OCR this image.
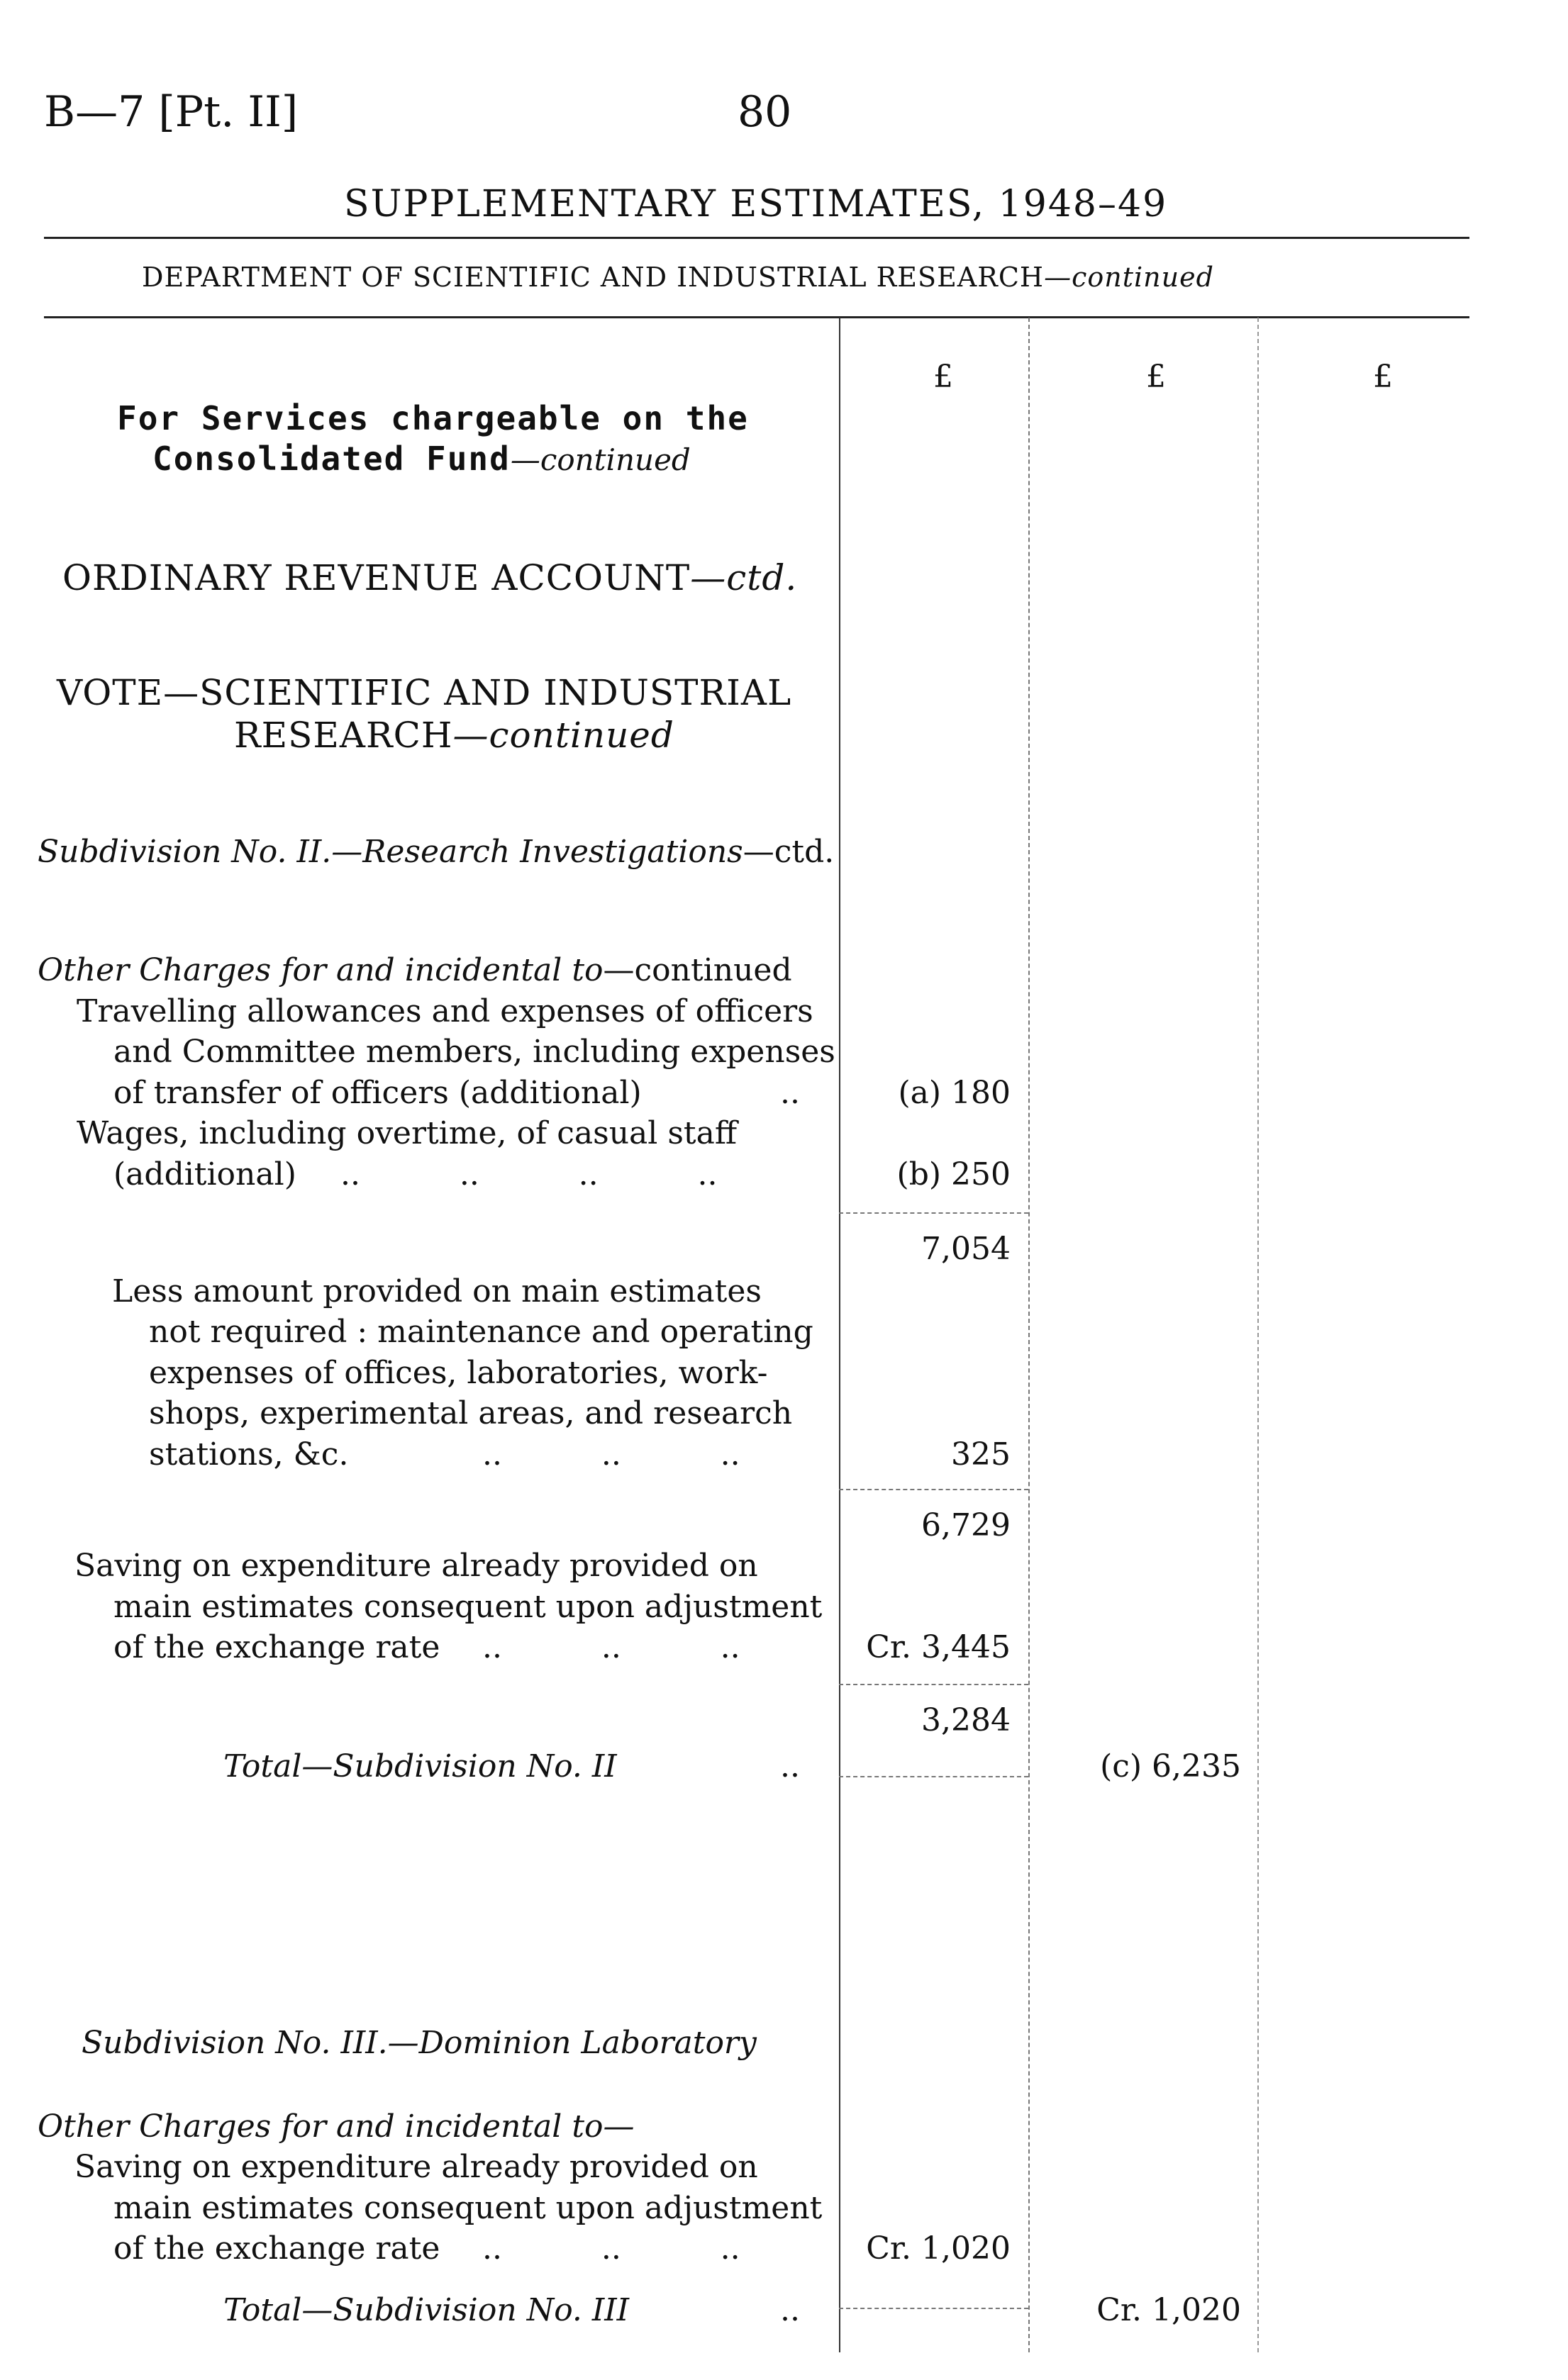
B—7 [Pt. II]	80
SUPPLEMENTARY ESTIMATES, 1948–49
DEPARTMENT OF SCIENTIFIC AND INDUSTRIAL RESEARCH—continued
£	£	£
For Services chargeable on the
Consolidated Fund—continued
ORDINARY REVENUE ACCOUNT—ctd.
VOTE—SCIENTIFIC AND INDUSTRIAL
RESEARCH—continued
Subdivision No. II.—Research Investigations—ctd.
Other Charges for and incidental to—continued
Travelling allowances and expenses of officers
and Committee members, including expenses
of transfer of officers (additional)	..	(a) 180
Wages, including overtime, of casual staff
(additional) ..          ..          ..          ..	(b) 250
7,054
Less amount provided on main estimates
not required : maintenance and operating
expenses of offices, laboratories, work-
shops, experimental areas, and research
stations, &c.	..          ..          ..	325
6,729
Saving on expenditure already provided on
main estimates consequent upon adjustment
of the exchange rate ..          ..          ..	Cr. 3,445
3,284
Total—Subdivision No. II	..	(c) 6,235
Subdivision No. III.—Dominion Laboratory
Other Charges for and incidental to—
Saving on expenditure already provided on
main estimates consequent upon adjustment
of the exchange rate ..          ..          ..	Cr. 1,020
Total—Subdivision No. III	..	Cr. 1,020
